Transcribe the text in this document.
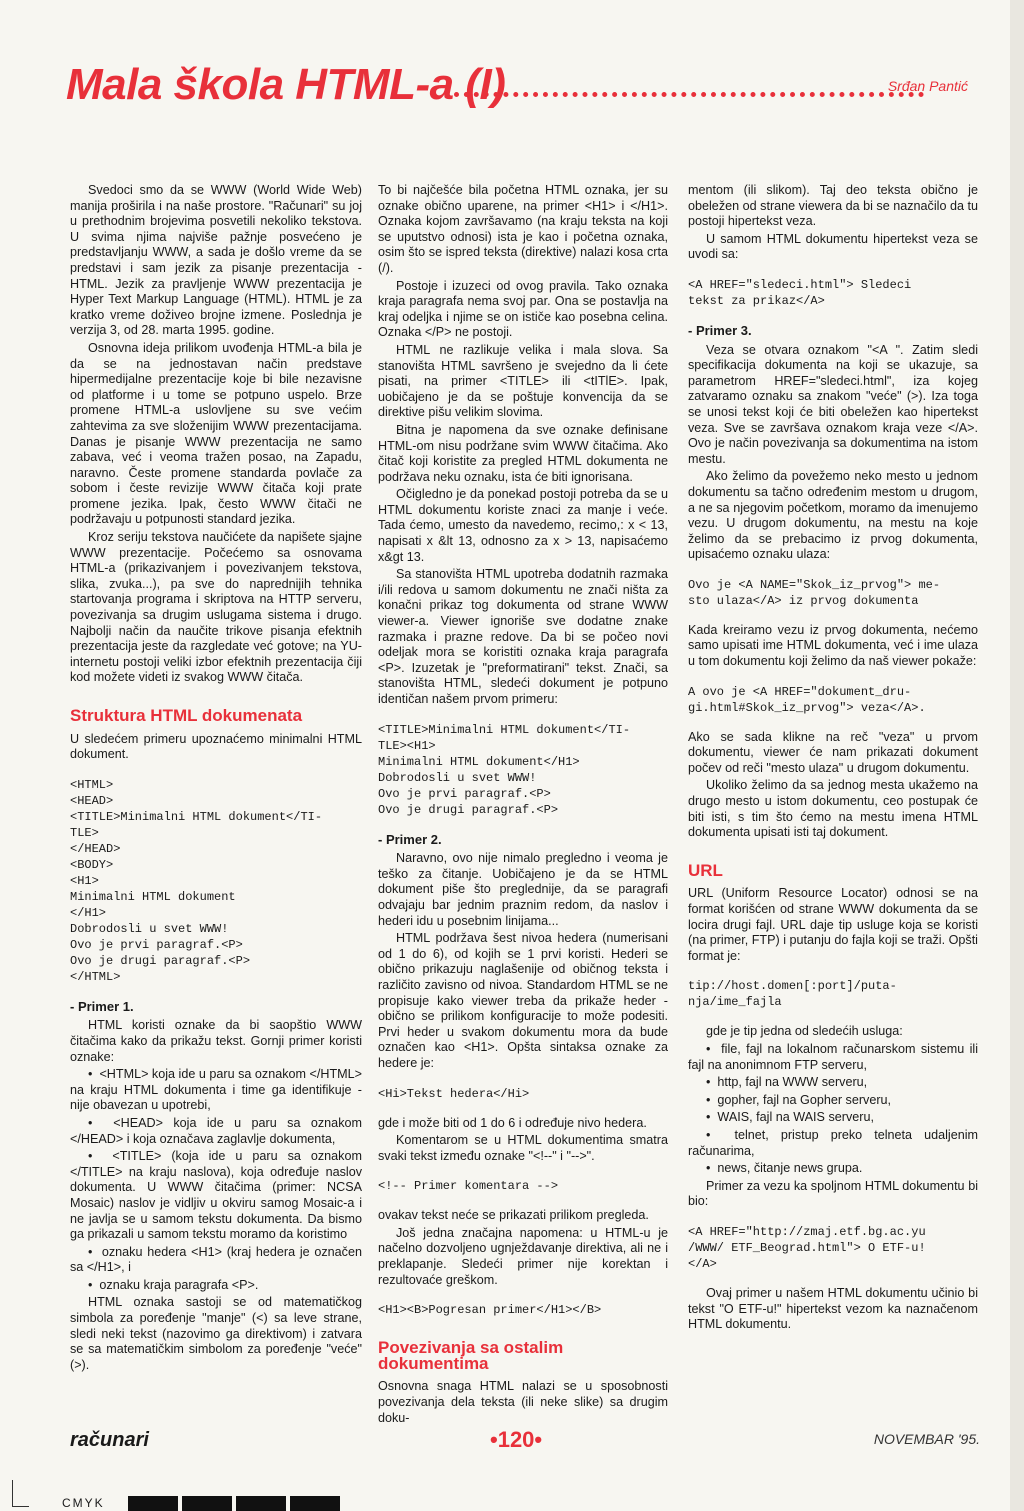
Mala škola HTML-a (I)	Srđan Pantić

Svedoci smo da se WWW (World Wide Web) manija proširila i na naše prostore. "Računari" su joj u prethodnim brojevima posvetili nekoliko tekstova. U svima njima najviše pažnje posvećeno je predstavljanju WWW, a sada je došlo vreme da se predstavi i sam jezik za pisanje prezentacija - HTML. Jezik za pravljenje WWW prezentacija je Hyper Text Markup Language (HTML). HTML je za kratko vreme doživeo brojne izmene. Poslednja je verzija 3, od 28. marta 1995. godine.

Osnovna ideja prilikom uvođenja HTML-a bila je da se na jednostavan način predstave hipermedijalne prezentacije koje bi bile nezavisne od platforme i u tome se potpuno uspelo. Brze promene HTML-a uslovljene su sve većim zahtevima za sve složenijim WWW prezentacijama. Danas je pisanje WWW prezentacija ne samo zabava, već i veoma tražen posao, na Zapadu, naravno. Česte promene standarda povlače za sobom i česte revizije WWW čitača koji prate promene jezika. Ipak, često WWW čitači ne podržavaju u potpunosti standard jezika.

Kroz seriju tekstova naučićete da napišete sjajne WWW prezentacije. Počećemo sa osnovama HTML-a (prikazivanjem i povezivanjem tekstova, slika, zvuka...), pa sve do naprednijih tehnika startovanja programa i skriptova na HTTP serveru, povezivanja sa drugim uslugama sistema i drugo. Najbolji način da naučite trikove pisanja efektnih prezentacija jeste da razgledate već gotove; na YU-internetu postoji veliki izbor efektnih prezentacija čiji kod možete videti iz svakog WWW čitača.

Struktura HTML dokumenata

U sledećem primeru upoznaćemo minimalni HTML dokument.

<HTML>
<HEAD>
<TITLE>Minimalni HTML dokument</TI-
TLE>
</HEAD>
<BODY>
<H1>
Minimalni HTML dokument
</H1>
Dobrodosli u svet WWW!
Ovo je prvi paragraf.<P>
Ovo je drugi paragraf.<P>
</HTML>
- Primer 1.

HTML koristi oznake da bi saopštio WWW čitačima kako da prikažu tekst. Gornji primer koristi oznake:

•  <HTML> koja ide u paru sa oznakom </HTML> na kraju HTML dokumenta i time ga identifikuje - nije obavezan u upotrebi,

•  <HEAD> koja ide u paru sa oznakom </HEAD> i koja označava zaglavlje dokumenta,

•  <TITLE> (koja ide u paru sa oznakom </TITLE> na kraju naslova), koja određuje naslov dokumenta. U WWW čitačima (primer: NCSA Mosaic) naslov je vidljiv u okviru samog Mosaic-a i ne javlja se u samom tekstu dokumenta. Da bismo ga prikazali u samom tekstu moramo da koristimo

•  oznaku hedera <H1> (kraj hedera je označen sa </H1>, i

•  oznaku kraja paragrafa <P>.

HTML oznaka sastoji se od matematičkog simbola za poređenje "manje" (<) sa leve strane, sledi neki tekst (nazovimo ga direktivom) i zatvara se sa matematičkim simbolom za poređenje "veće" (>).

To bi najčešće bila početna HTML oznaka, jer su oznake obično uparene, na primer <H1> i </H1>. Oznaka kojom završavamo (na kraju teksta na koji se uputstvo odnosi) ista je kao i početna oznaka, osim što se ispred teksta (direktive) nalazi kosa crta (/).

Postoje i izuzeci od ovog pravila. Tako oznaka kraja paragrafa nema svoj par. Ona se postavlja na kraj odeljka i njime se on ističe kao posebna celina. Oznaka </P> ne postoji.

HTML ne razlikuje velika i mala slova. Sa stanovišta HTML savršeno je svejedno da li ćete pisati, na primer <TITLE> ili <tITlE>. Ipak, uobičajeno je da se poštuje konvencija da se direktive pišu velikim slovima.

Bitna je napomena da sve oznake definisane HTML-om nisu podržane svim WWW čitačima. Ako čitač koji koristite za pregled HTML dokumenta ne podržava neku oznaku, ista će biti ignorisana.

Očigledno je da ponekad postoji potreba da se u HTML dokumentu koriste znaci za manje i veće. Tada ćemo, umesto da navedemo, recimo,: x < 13, napisati x &lt 13, odnosno za x > 13, napisaćemo x&gt 13.

Sa stanovišta HTML upotreba dodatnih razmaka i/ili redova u samom dokumentu ne znači ništa za konačni prikaz tog dokumenta od strane WWW viewer-a. Viewer ignoriše sve dodatne znake razmaka i prazne redove. Da bi se počeo novi odeljak mora se koristiti oznaka kraja paragrafa <P>. Izuzetak je "preformatirani" tekst. Znači, sa stanovišta HTML, sledeći dokument je potpuno identičan našem prvom primeru:

<TITLE>Minimalni HTML dokument</TI-
TLE><H1>
Minimalni HTML dokument</H1>
Dobrodosli u svet WWW!
Ovo je prvi paragraf.<P>
Ovo je drugi paragraf.<P>
- Primer 2.

Naravno, ovo nije nimalo pregledno i veoma je teško za čitanje. Uobičajeno je da se HTML dokument piše što preglednije, da se paragrafi odvajaju bar jednim praznim redom, da naslov i hederi idu u posebnim linijama...

HTML podržava šest nivoa hedera (numerisani od 1 do 6), od kojih se 1 prvi koristi. Hederi se obično prikazuju naglašenije od običnog teksta i različito zavisno od nivoa. Standardom HTML se ne propisuje kako viewer treba da prikaže heder - obično se prilikom konfiguracije to može podesiti. Prvi heder u svakom dokumentu mora da bude označen kao <H1>. Opšta sintaksa oznake za hedere je:

<Hi>Tekst hedera</Hi>

gde i može biti od 1 do 6 i određuje nivo hedera.

Komentarom se u HTML dokumentima smatra svaki tekst između oznake "<!--" i "-->".

<!-- Primer komentara -->

ovakav tekst neće se prikazati prilikom pregleda.

Još jedna značajna napomena: u HTML-u je načelno dozvoljeno ugnježdavanje direktiva, ali ne i preklapanje. Sledeći primer nije korektan i rezultovaće greškom.

<H1><B>Pogresan primer</H1></B>
Povezivanja sa ostalim dokumentima

Osnovna snaga HTML nalazi se u sposobnosti povezivanja dela teksta (ili neke slike) sa drugim doku-

mentom (ili slikom). Taj deo teksta obično je obeležen od strane viewera da bi se naznačilo da tu postoji hipertekst veza.

U samom HTML dokumentu hipertekst veza se uvodi sa:

<A HREF="sledeci.html"> Sledeci
tekst za prikaz</A>
- Primer 3.

Veza se otvara oznakom "<A ". Zatim sledi specifikacija dokumenta na koji se ukazuje, sa parametrom HREF="sledeci.html", iza kojeg zatvaramo oznaku sa znakom "veće" (>). Iza toga se unosi tekst koji će biti obeležen kao hipertekst veza. Sve se završava oznakom kraja veze </A>. Ovo je način povezivanja sa dokumentima na istom mestu.

Ako želimo da povežemo neko mesto u jednom dokumentu sa tačno određenim mestom u drugom, a ne sa njegovim početkom, moramo da imenujemo vezu. U drugom dokumentu, na mestu na koje želimo da se prebacimo iz prvog dokumenta, upisaćemo oznaku ulaza:

Ovo je <A NAME="Skok_iz_prvog"> me-
sto ulaza</A> iz prvog dokumenta

Kada kreiramo vezu iz prvog dokumenta, nećemo samo upisati ime HTML dokumenta, već i ime ulaza u tom dokumentu koji želimo da naš viewer pokaže:

A ovo je <A HREF="dokument_dru-
gi.html#Skok_iz_prvog"> veza</A>.

Ako se sada klikne na reč "veza" u prvom dokumentu, viewer će nam prikazati dokument počev od reči "mesto ulaza" u drugom dokumentu.

Ukoliko želimo da sa jednog mesta ukažemo na drugo mesto u istom dokumentu, ceo postupak će biti isti, s tim što ćemo na mestu imena HTML dokumenta upisati isti taj dokument.

URL

URL (Uniform Resource Locator) odnosi se na format korišćen od strane WWW dokumenta da se locira drugi fajl. URL daje tip usluge koja se koristi (na primer, FTP) i putanju do fajla koji se traži. Opšti format je:

tip://host.domen[:port]/puta-
nja/ime_fajla

gde je tip jedna od sledećih usluga:

•  file, fajl na lokalnom računarskom sistemu ili fajl na anonimnom FTP serveru,

•  http, fajl na WWW serveru,

•  gopher, fajl na Gopher serveru,

•  WAIS, fajl na WAIS serveru,

•  telnet, pristup preko telneta udaljenim računarima,

•  news, čitanje news grupa.

Primer za vezu ka spoljnom HTML dokumentu bi bio:

<A HREF="http://zmaj.etf.bg.ac.yu
/WWW/ ETF_Beograd.html"> O ETF-u!
</A>

Ovaj primer u našem HTML dokumentu učinio bi tekst "O ETF-u!" hipertekst vezom ka naznačenom HTML dokumentu.

računari	•120•	NOVEMBAR '95.
CMYK
